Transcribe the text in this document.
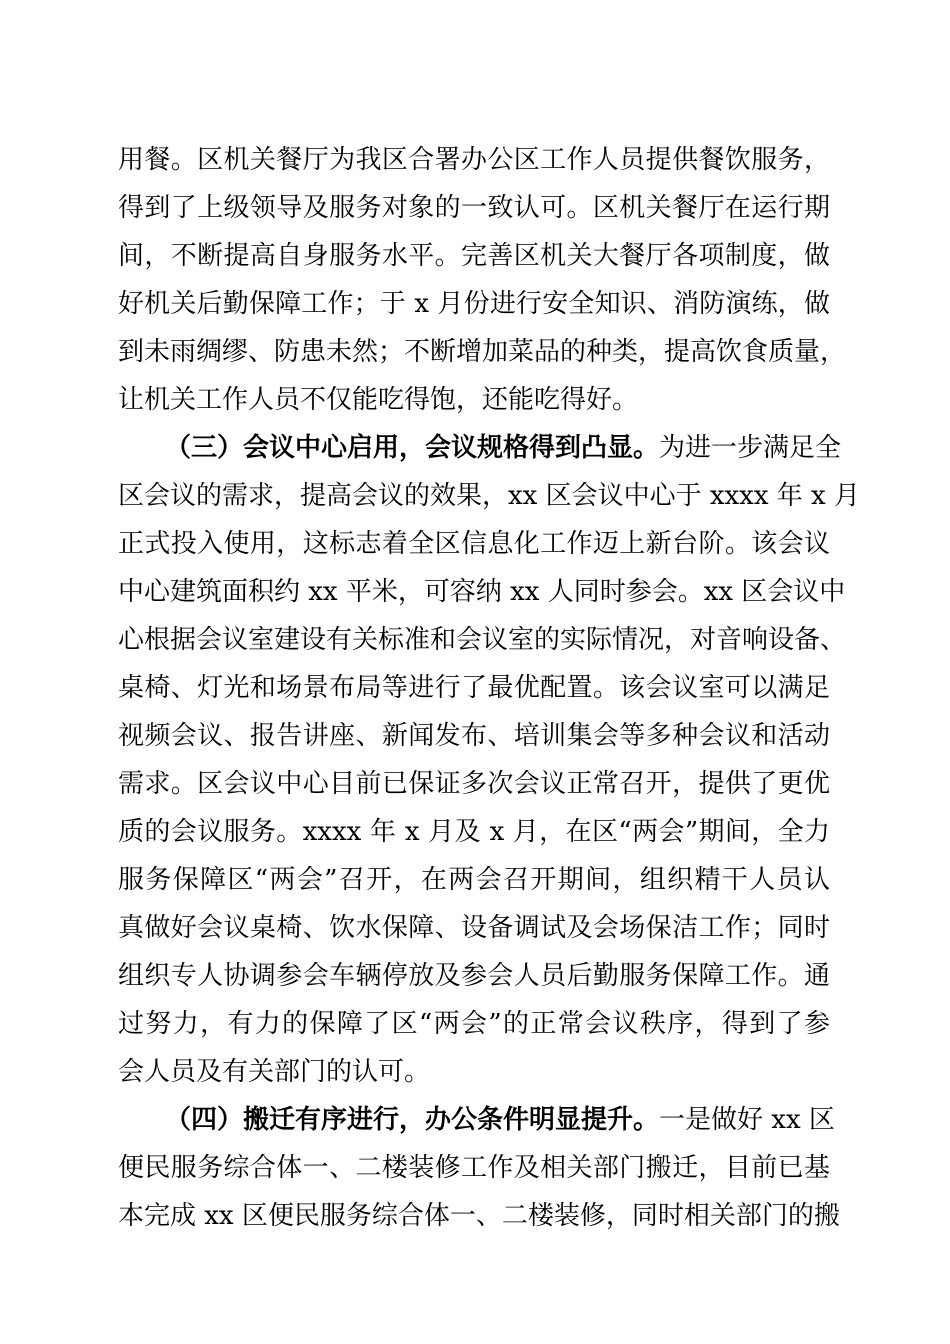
用餐。区机关餐厅为我区合署办公区工作人员提供餐饮服务，
得到了上级领导及服务对象的一致认可。区机关餐厅在运行期
间，不断提高自身服务水平。完善区机关大餐厅各项制度，做
好机关后勤保障工作；于 x 月份进行安全知识、消防演练，做
到未雨绸缪、防患未然；不断增加菜品的种类，提高饮食质量，
让机关工作人员不仅能吃得饱，还能吃得好。
（三）会议中心启用，会议规格得到凸显。为进一步满足全
区会议的需求，提高会议的效果，xx 区会议中心于 xxxx 年 x 月
正式投入使用，这标志着全区信息化工作迈上新台阶。该会议
中心建筑面积约 xx 平米，可容纳 xx 人同时参会。xx 区会议中
心根据会议室建设有关标准和会议室的实际情况，对音响设备、
桌椅、灯光和场景布局等进行了最优配置。该会议室可以满足
视频会议、报告讲座、新闻发布、培训集会等多种会议和活动
需求。区会议中心目前已保证多次会议正常召开，提供了更优
质的会议服务。xxxx 年 x 月及 x 月，在区“两会”期间，全力
服务保障区“两会”召开，在两会召开期间，组织精干人员认
真做好会议桌椅、饮水保障、设备调试及会场保洁工作；同时
组织专人协调参会车辆停放及参会人员后勤服务保障工作。通
过努力，有力的保障了区“两会”的正常会议秩序，得到了参
会人员及有关部门的认可。
（四）搬迁有序进行，办公条件明显提升。一是做好 xx 区
便民服务综合体一、二楼装修工作及相关部门搬迁，目前已基
本完成 xx 区便民服务综合体一、二楼装修，同时相关部门的搬
